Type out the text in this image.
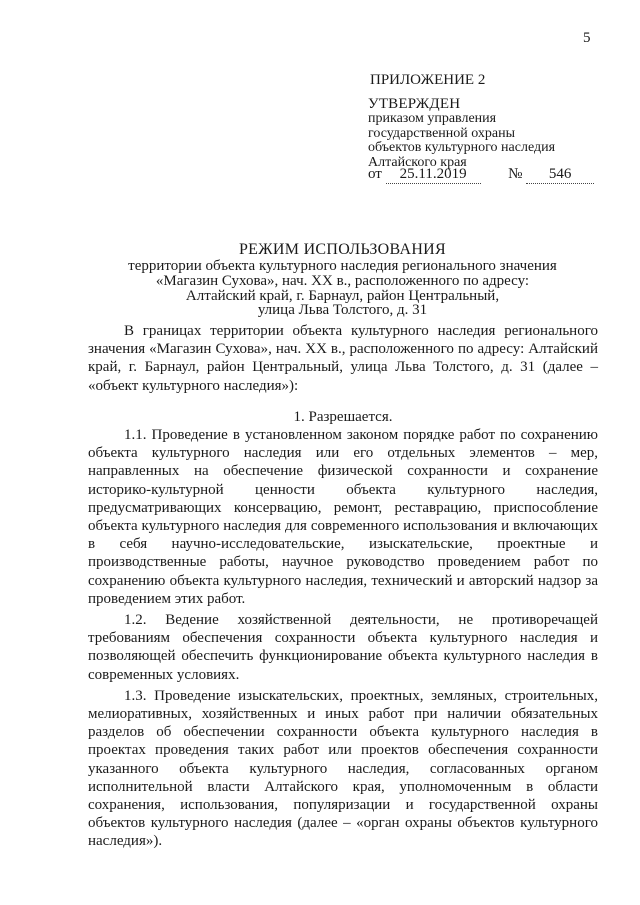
5
ПРИЛОЖЕНИЕ 2
УТВЕРЖДЕН
приказом управления
государственной охраны
объектов культурного наследия
Алтайского края
от 25.11.2019	№ 546
РЕЖИМ ИСПОЛЬЗОВАНИЯ
территории объекта культурного наследия регионального значения
«Магазин Сухова», нач. XX в., расположенного по адресу:
Алтайский край, г. Барнаул, район Центральный,
улица Льва Толстого, д. 31

В границах территории объекта культурного наследия регионального значения «Магазин Сухова», нач. XX в., расположенного по адресу: Алтайский край, г. Барнаул, район Центральный, улица Льва Толстого, д. 31 (далее – «объект культурного наследия»):

1. Разрешается.

1.1. Проведение в установленном законом порядке работ по сохранению объекта культурного наследия или его отдельных элементов – мер, направленных на обеспечение физической сохранности и сохранение историко-культурной ценности объекта культурного наследия, предусматривающих консервацию, ремонт, реставрацию, приспособление объекта культурного наследия для современного использования и включающих в себя научно-исследовательские, изыскательские, проектные и производственные работы, научное руководство проведением работ по сохранению объекта культурного наследия, технический и авторский надзор за проведением этих работ.

1.2. Ведение хозяйственной деятельности, не противоречащей требованиям обеспечения сохранности объекта культурного наследия и позволяющей обеспечить функционирование объекта культурного наследия в современных условиях.

1.3. Проведение изыскательских, проектных, земляных, строительных, мелиоративных, хозяйственных и иных работ при наличии обязательных разделов об обеспечении сохранности объекта культурного наследия в проектах проведения таких работ или проектов обеспечения сохранности указанного объекта культурного наследия, согласованных органом исполнительной власти Алтайского края, уполномоченным в области сохранения, использования, популяризации и государственной охраны объектов культурного наследия (далее – «орган охраны объектов культурного наследия»).
